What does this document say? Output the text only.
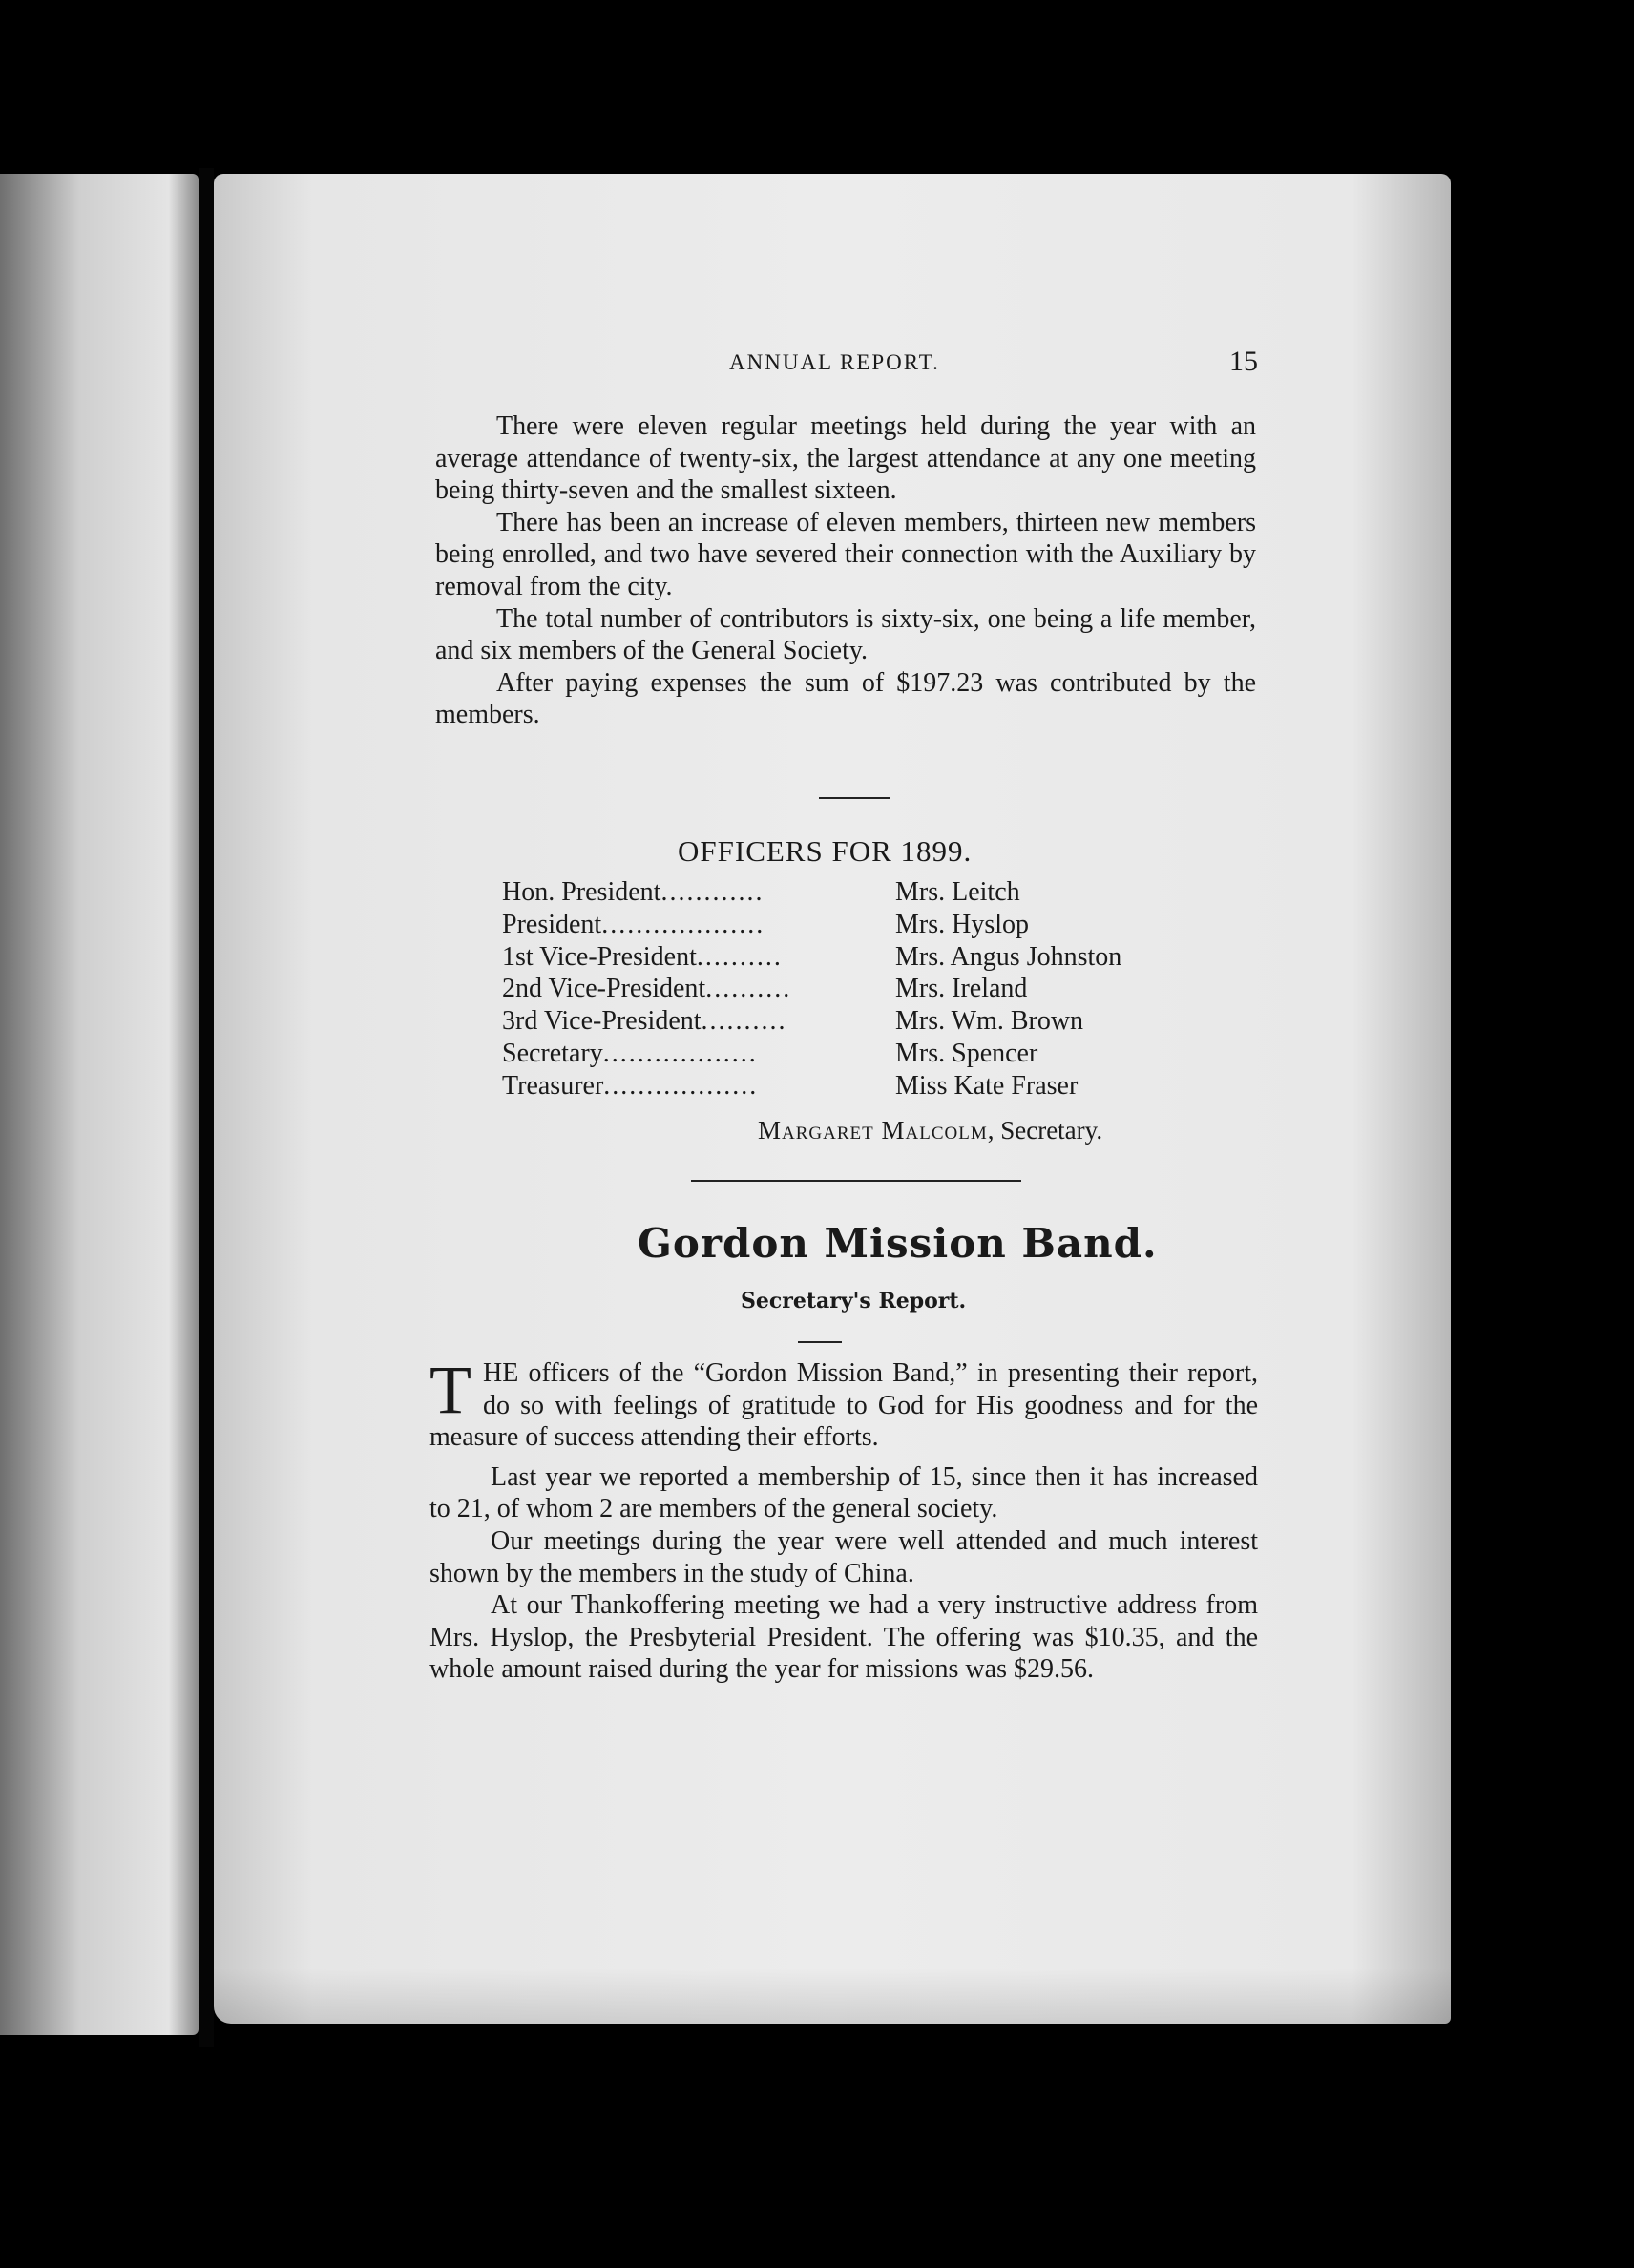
ANNUAL REPORT.	15

There were eleven regular meetings held during the year with an average attendance of twenty-six, the largest attendance at any one meeting being thirty-seven and the smallest sixteen.

There has been an increase of eleven members, thirteen new members being enrolled, and two have severed their connection with the Auxiliary by removal from the city.

The total number of contributors is sixty-six, one being a life member, and six members of the General Society.

After paying expenses the sum of $197.23 was contributed by the members.

OFFICERS FOR 1899.
Hon. President............	Mrs. Leitch
President...................	Mrs. Hyslop
1st Vice-President..........	Mrs. Angus Johnston
2nd Vice-President..........	Mrs. Ireland
3rd Vice-President..........	Mrs. Wm. Brown
Secretary..................	Mrs. Spencer
Treasurer..................	Miss Kate Fraser
Margaret Malcolm, Secretary.
Gordon Mission Band.
Secretary's Report.

THE officers of the “Gordon Mission Band,” in presenting their report, do so with feelings of gratitude to God for His goodness and for the measure of success attending their efforts.

Last year we reported a membership of 15, since then it has increased to 21, of whom 2 are members of the general society.

Our meetings during the year were well attended and much interest shown by the members in the study of China.

At our Thankoffering meeting we had a very instructive address from Mrs. Hyslop, the Presbyterial President. The offering was $10.35, and the whole amount raised during the year for missions was $29.56.
